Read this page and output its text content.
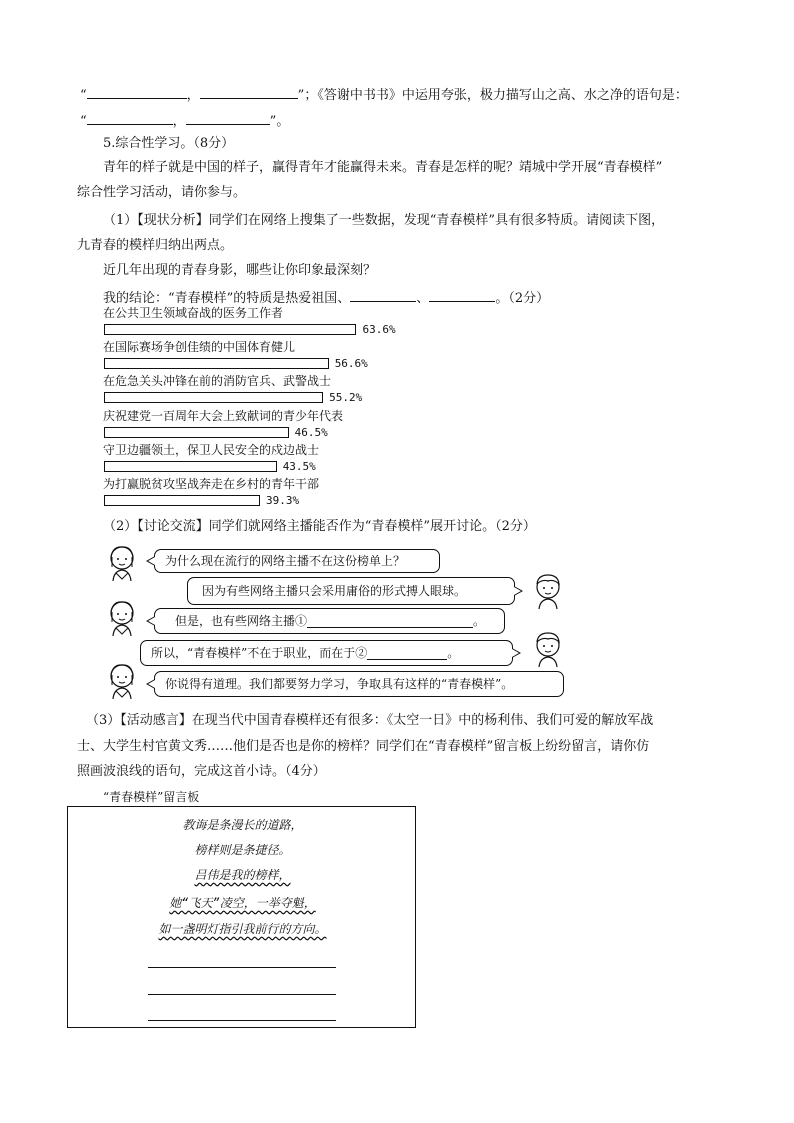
“	，	”；《答谢中书书》中运用夸张，极力描写山之高、水之净的语句是：
“	，	”。
5.综合性学习。（8分）
青年的样子就是中国的样子，赢得青年才能赢得未来。青春是怎样的呢？靖城中学开展“青春模样”
综合性学习活动，请你参与。
（1）【现状分析】同学们在网络上搜集了一些数据，发现“青春模样”具有很多特质。请阅读下图，
九青春的模样归纳出两点。
近几年出现的青春身影，哪些让你印象最深刻？
我的结论：“青春模样”的特质是热爱祖国、	、	。（2分）
在公共卫生领域奋战的医务工作者
63.6%
在国际赛场争创佳绩的中国体育健儿
56.6%
在危急关头冲锋在前的消防官兵、武警战士
55.2%
庆祝建党一百周年大会上致献词的青少年代表
46.5%
守卫边疆领土，保卫人民安全的戍边战士
43.5%
为打赢脱贫攻坚战奔走在乡村的青年干部
39.3%
（2）【讨论交流】同学们就网络主播能否作为“青春模样”展开讨论。（2分）
为什么现在流行的网络主播不在这份榜单上？
因为有些网络主播只会采用庸俗的形式搏人眼球。
但是，也有些网络主播①	。
所以，“青春模样”不在于职业，而在于②	。
你说得有道理。我们都要努力学习，争取具有这样的“青春模样”。
（3）【活动感言】在现当代中国青春模样还有很多：《太空一日》中的杨利伟、我们可爱的解放军战
士、大学生村官黄文秀……他们是否也是你的榜样？同学们在“青春模样”留言板上纷纷留言，请你仿
照画波浪线的语句，完成这首小诗。（4分）
“青春模样”留言板
教诲是条漫长的道路，
榜样则是条捷径。
吕伟是我的榜样，
她“飞天”凌空，一举夺魁，
如一盏明灯指引我前行的方向。
